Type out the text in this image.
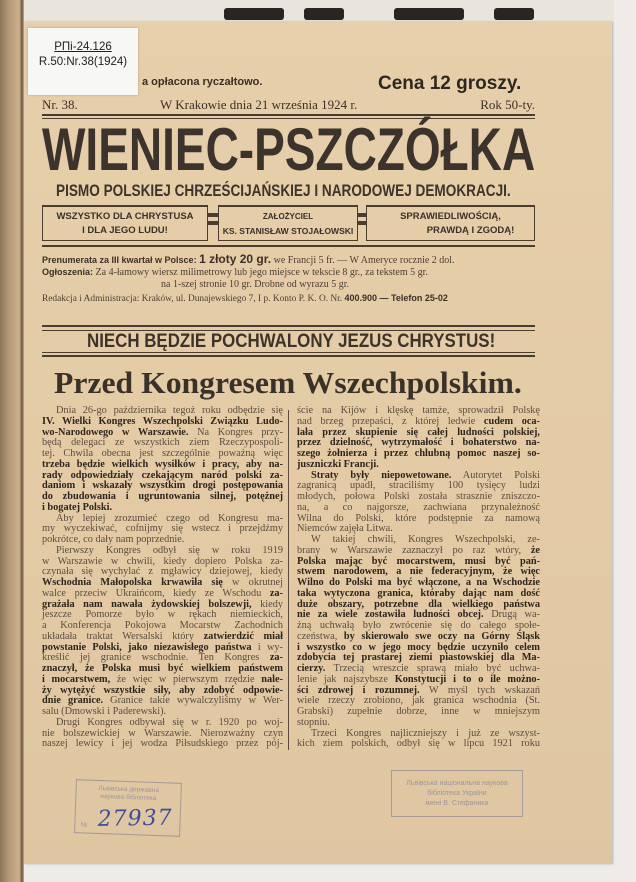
РПі-24.126
R.50:Nr.38(1924)
a opłacona ryczałtowo.	Cena 12 groszy.
Nr. 38.	W Krakowie dnia 21 września 1924 r.	Rok 50-ty.
WIENIEC-PSZCZÓŁKA
PISMO POLSKIEJ CHRZEŚCIJAŃSKIEJ I NARODOWEJ DEMOKRACJI.
WSZYSTKO DLA CHRYSTUSA
I DLA JEGO LUDU!
ZAŁOŻYCIEL
KS. STANISŁAW STOJAŁOWSKI
SPRAWIEDLIWOŚCIĄ,
PRAWDĄ I ZGODĄ!
Prenumerata za III kwartał w Polsce: 1 złoty 20 gr. we Francji 5 fr. — W Ameryce rocznie 2 dol.
Ogłoszenia: Za 4-łamowy wiersz milimetrowy lub jego miejsce w tekscie 8 gr., za tekstem 5 gr.
na 1-szej stronie 10 gr. Drobne od wyrazu 5 gr.
Redakcja i Administracja: Kraków, ul. Dunajewskiego 7, I p. Konto P. K. O. Nr. 400.900 — Telefon 25-02
NIECH BĘDZIE POCHWALONY JEZUS CHRYSTUS!
Przed Kongresem Wszechpolskim.
Dnia 26-go października tegoż roku odbędzie się
IV. Wielki Kongres Wszechpolski Związku Ludo-
wo-Narodowego w Warszawie. Na Kongres przy-
będą delegaci ze wszystkich ziem Rzeczypospoli-
tej. Chwila obecna jest szczególnie poważną więc
trzeba będzie wielkich wysiłków i pracy, aby na-
rady odpowiedziały czekającym naród polski za-
daniom i wskazały wszystkim drogi postępowania
do zbudowania i ugruntowania silnej, potężnej
i bogatej Polski.
Aby lepiej zrozumieć czego od Kongresu ma-
my wyczekiwać, cofnijmy się wstecz i przejdźmy
pokrótce, co dały nam poprzednie.
Pierwszy Kongres odbył się w roku 1919
w Warszawie w chwili, kiedy dopiero Polska za-
czynała się wychylać z mgławicy dziejowej, kiedy
Wschodnia Małopolska krwawiła się w okrutnej
walce przeciw Ukraińcom, kiedy ze Wschodu za-
grażała nam nawała żydowskiej bolszewji, kiedy
jeszcze Pomorze było w rękach niemieckich,
a Konferencja Pokojowa Mocarstw Zachodnich
układała traktat Wersalski który zatwierdzić miał
powstanie Polski, jako niezawisłego państwa i wy-
kreślić jej granice wschodnie. Ten Kongres za-
znaczył, że Polska musi być wielkiem państwem
i mocarstwem, że więc w pierwszym rzędzie nale-
ży wytężyć wszystkie siły, aby zdobyć odpowie-
dnie granice. Granice takie wywalczyliśmy w Wer-
salu (Dmowski i Paderewski).
Drugi Kongres odbywał się w r. 1920 po woj-
nie bolszewickiej w Warszawie. Nierozważny czyn
naszej lewicy i jej wodza Piłsudskiego przez pój-
ście na Kijów i klęskę tamże, sprowadził Polskę
nad brzeg przepaści, z której ledwie cudem oca-
lała przez skupienie się całej ludności polskiej,
przez dzielność, wytrzymałość i bohaterstwo na-
szego żołnierza i przez chlubną pomoc naszej so-
juszniczki Francji.
Straty były niepowetowane. Autorytet Polski
zagranicą upadł, straciliśmy 100 tysięcy ludzi
młodych, połowa Polski została strasznie zniszczo-
na, a co najgorsze, zachwiana przynależność
Wilna do Polski, które podstępnie za namową
Niemców zajęła Litwa.
W takiej chwili, Kongres Wszechpolski, ze-
brany w Warszawie zaznaczył po raz wtóry, że
Polska mając być mocarstwem, musi być pań-
stwem narodowem, a nie federacyjnym, że więc
Wilno do Polski ma być włączone, a na Wschodzie
taka wytyczona granica, któraby dając nam dość
duże obszary, potrzebne dla wielkiego państwa
nie za wiele zostawiła ludności obcej. Drugą wa-
żną uchwałą było zwrócenie się do całego społe-
czeństwa, by skierowało swe oczy na Górny Śląsk
i wszystko co w jego mocy będzie uczyniło celem
zdobycia tej prastarej ziemi piastowskiej dla Ma-
cierzy. Trzecią wreszcie sprawą miało być uchwa-
lenie jak najszybsze Konstytucji i to o ile możno-
ści zdrowej i rozumnej. W myśl tych wskazań
wiele rzeczy zrobiono, jak granica wschodnia (St.
Grabski) zupełnie dobrze, inne w mniejszym
stopniu.
Trzeci Kongres najliczniejszy i już ze wszyst-
kich ziem polskich, odbył się w lipcu 1921 roku
Львівська державна
наукова бібліотека
№ 27937
Львівська національна наукова
бібліотека України
імені В. Стефаника
